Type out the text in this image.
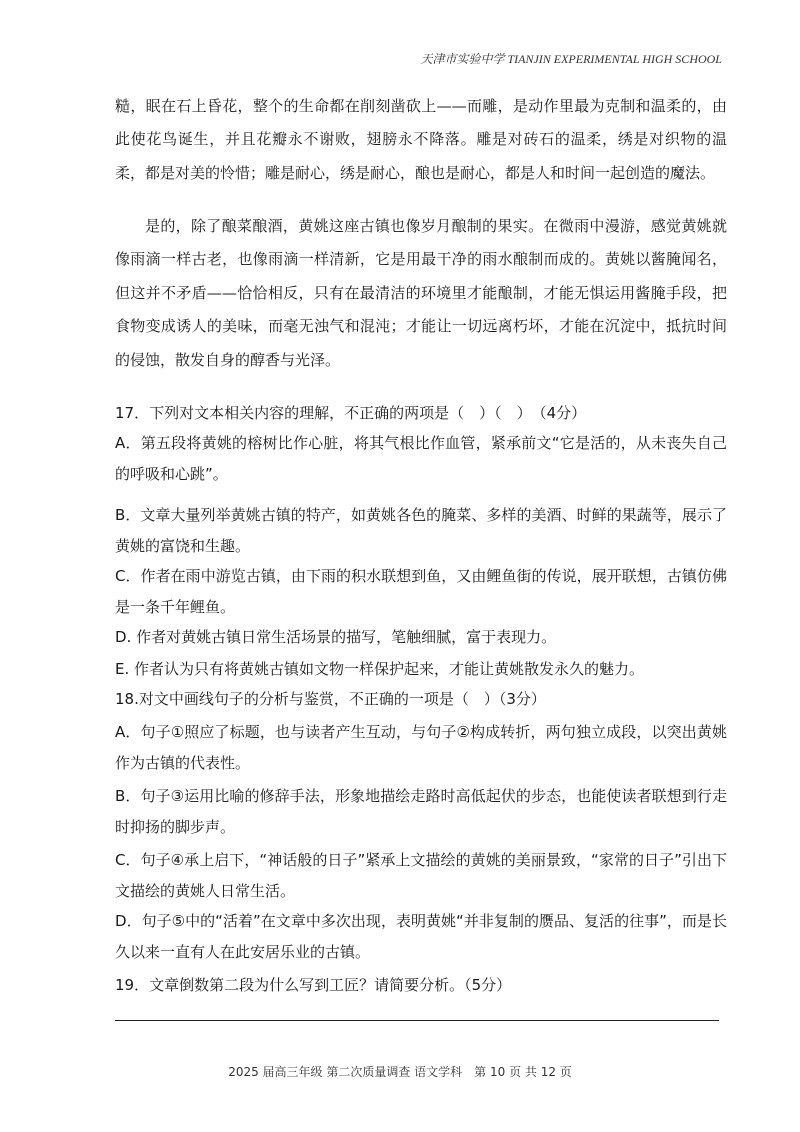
天津市实验中学 TIANJIN EXPERIMENTAL HIGH SCHOOL

糙，眠在石上昏花，整个的生命都在削刻凿砍上——而雕，是动作里最为克制和温柔的，由此使花鸟诞生，并且花瓣永不谢败，翅膀永不降落。雕是对砖石的温柔，绣是对织物的温柔，都是对美的怜惜；雕是耐心，绣是耐心，酿也是耐心，都是人和时间一起创造的魔法。

是的，除了酿菜酿酒，黄姚这座古镇也像岁月酿制的果实。在微雨中漫游，感觉黄姚就像雨滴一样古老，也像雨滴一样清新，它是用最干净的雨水酿制而成的。黄姚以酱腌闻名，但这并不矛盾——恰恰相反，只有在最清洁的环境里才能酿制，才能无惧运用酱腌手段，把食物变成诱人的美味，而毫无浊气和混沌；才能让一切远离朽坏，才能在沉淀中，抵抗时间的侵蚀，散发自身的醇香与光泽。

17．下列对文本相关内容的理解，不正确的两项是（　）（　）　（4分）

A．第五段将黄姚的榕树比作心脏，将其气根比作血管，紧承前文“它是活的，从未丧失自己的呼吸和心跳”。

B．文章大量列举黄姚古镇的特产，如黄姚各色的腌菜、多样的美酒、时鲜的果蔬等，展示了黄姚的富饶和生趣。

C．作者在雨中游览古镇，由下雨的积水联想到鱼，又由鲤鱼街的传说，展开联想，古镇仿佛是一条千年鲤鱼。

D. 作者对黄姚古镇日常生活场景的描写，笔触细腻，富于表现力。

E. 作者认为只有将黄姚古镇如文物一样保护起来，才能让黄姚散发永久的魅力。

18.对文中画线句子的分析与鉴赏，不正确的一项是（　）（3分）

A．句子①照应了标题，也与读者产生互动，与句子②构成转折，两句独立成段，以突出黄姚作为古镇的代表性。

B．句子③运用比喻的修辞手法，形象地描绘走路时高低起伏的步态，也能使读者联想到行走时抑扬的脚步声。

C．句子④承上启下，“神话般的日子”紧承上文描绘的黄姚的美丽景致，“家常的日子”引出下文描绘的黄姚人日常生活。

D．句子⑤中的“活着”在文章中多次出现，表明黄姚“并非复制的赝品、复活的往事”，而是长久以来一直有人在此安居乐业的古镇。

19．文章倒数第二段为什么写到工匠？请简要分析。（5分）

2025 届高三年级 第二次质量调查 语文学科　第 10 页 共 12 页
